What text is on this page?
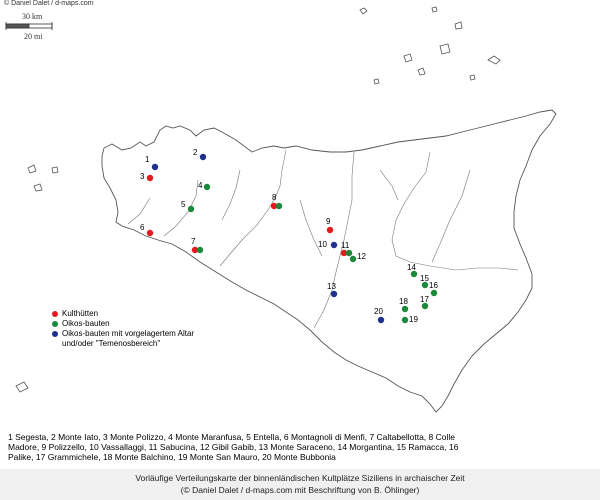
© Daniel Dalet / d-maps.com
30 km
20 mi
1
2
3
4
5
6
7
8
9
10 11
12
13
14
15
16
17
18
19
20
Kulthütten
Oikos-bauten
Oikos-bauten mit vorgelagertem Altar
und/oder "Temenosbereich"
1 Segesta, 2 Monte Iato, 3 Monte Polizzo, 4 Monte Maranfusa, 5 Entella, 6 Montagnoli di Menfi, 7 Caltabellotta, 8 Colle Madore, 9 Polizzello, 10 Vassallaggi, 11 Sabucina, 12 Gibil Gabib, 13 Monte Saraceno, 14 Morgantina, 15 Ramacca, 16 Palike, 17 Grammichele, 18 Monte Balchino, 19 Monte San Mauro, 20 Monte Bubbonia
Vorläufige Verteilungskarte der binnenländischen Kultplätze Siziliens in archaischer Zeit
(© Daniel Dalet / d-maps.com mit Beschriftung von B. Öhlinger)
